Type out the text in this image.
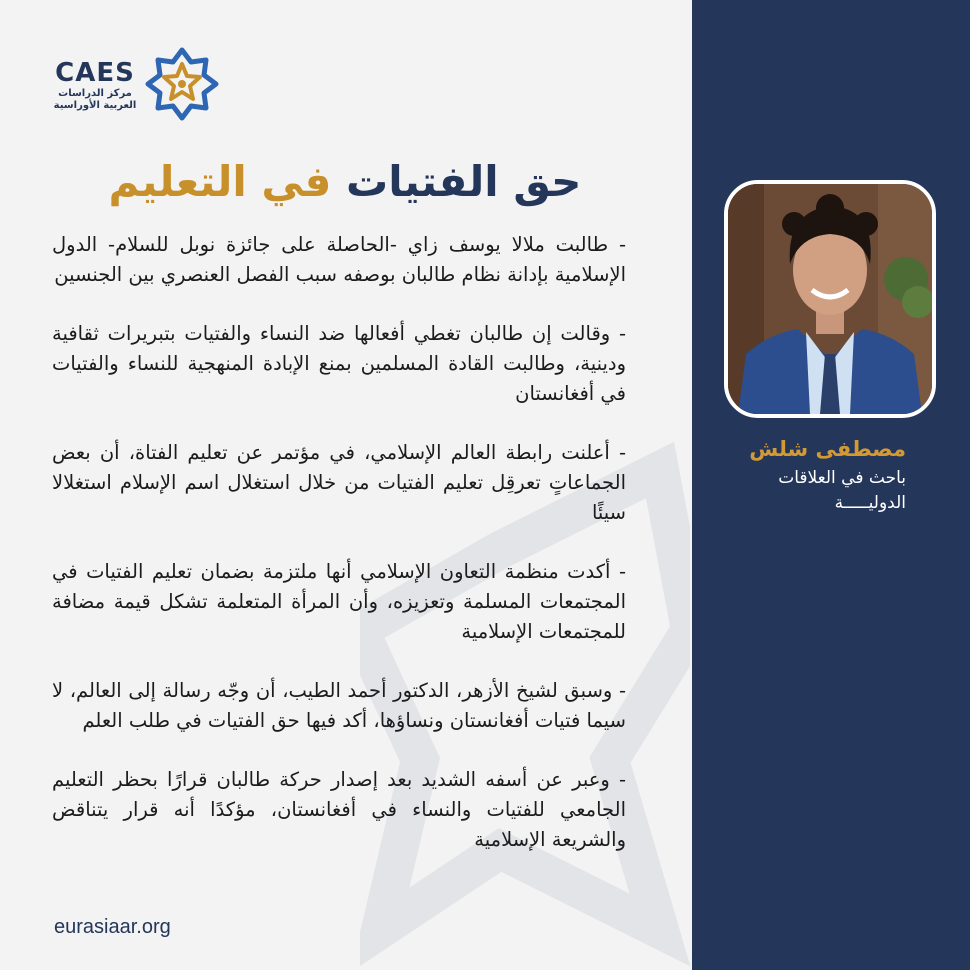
CAES
مركز الدراسات
العربية الأوراسية
حق الفتيات في التعليم

- طالبت ملالا يوسف زاي -الحاصلة على جائزة نوبل للسلام- الدول الإسلامية بإدانة نظام طالبان بوصفه سبب الفصل العنصري بين الجنسين

- وقالت إن طالبان تغطي أفعالها ضد النساء والفتيات بتبريرات ثقافية ودينية، وطالبت القادة المسلمين بمنع الإبادة المنهجية للنساء والفتيات في أفغانستان

- أعلنت رابطة العالم الإسلامي، في مؤتمر عن تعليم الفتاة، أن بعض الجماعاتٍ تعرقِل تعليم الفتيات من خلال استغلال اسم الإسلام استغلالا سيئًا

- أكدت منظمة التعاون الإسلامي أنها ملتزمة بضمان تعليم الفتيات في المجتمعات المسلمة وتعزيزه، وأن المرأة المتعلمة تشكل قيمة مضافة للمجتمعات الإسلامية

- وسبق لشيخ الأزهر، الدكتور أحمد الطيب، أن وجّه رسالة إلى العالم، لا سيما فتيات أفغانستان ونساؤها، أكد فيها حق الفتيات في طلب العلم

- وعبر عن أسفه الشديد بعد إصدار حركة طالبان قرارًا بحظر التعليم الجامعي للفتيات والنساء في أفغانستان، مؤكدًا أنه قرار يتناقض والشريعة الإسلامية

eurasiaar.org
مصطفى شلش
باحث في العلاقات
الدوليـــــة
